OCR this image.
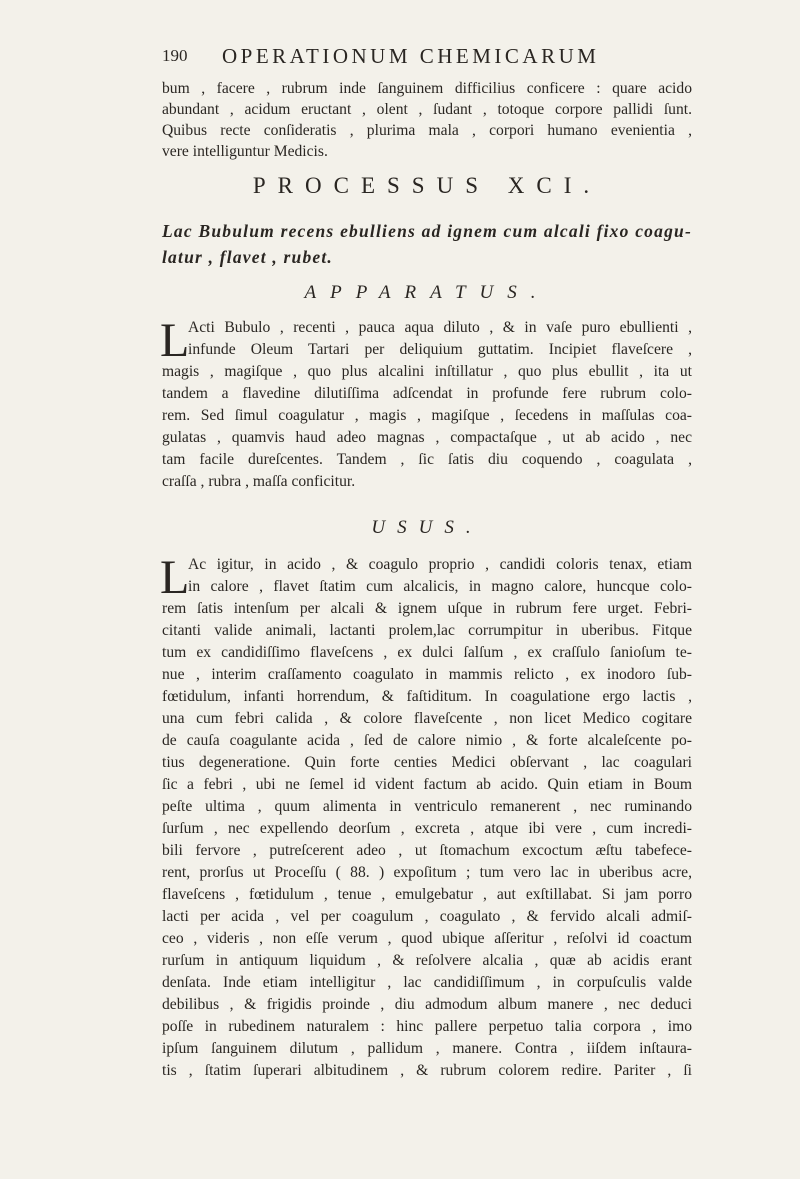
190 OPERATIONUM CHEMICARUM
bum , facere , rubrum inde ſanguinem difficilius conficere : quare acido
abundant , acidum eructant , olent , ſudant , totoque corpore pallidi ſunt.
Quibus recte conſideratis , plurima mala , corpori humano evenientia ,
vere intelliguntur Medicis.
PROCESSUS XCI.
Lac Bubulum recens ebulliens ad ignem cum alcali fixo coagu-
latur , flavet , rubet.
APPARATUS.
L
Acti Bubulo , recenti , pauca aqua diluto , & in vaſe puro ebullienti ,
infunde Oleum Tartari per deliquium guttatim. Incipiet flaveſcere ,
magis , magiſque , quo plus alcalini inſtillatur , quo plus ebullit , ita ut
tandem a flavedine dilutiſſima adſcendat in profunde fere rubrum colo-
rem. Sed ſimul coagulatur , magis , magiſque , ſecedens in maſſulas coa-
gulatas , quamvis haud adeo magnas , compactaſque , ut ab acido , nec
tam facile dureſcentes. Tandem , ſic ſatis diu coquendo , coagulata ,
craſſa , rubra , maſſa conficitur.
USUS.
L
Ac igitur, in acido , & coagulo proprio , candidi coloris tenax, etiam
in calore , flavet ſtatim cum alcalicis, in magno calore, huncque colo-
rem ſatis intenſum per alcali & ignem uſque in rubrum fere urget. Febri-
citanti valide animali, lactanti prolem,lac corrumpitur in uberibus. Fitque
tum ex candidiſſimo flaveſcens , ex dulci ſalſum , ex craſſulo ſanioſum te-
nue , interim craſſamento coagulato in mammis relicto , ex inodoro ſub-
fœtidulum, infanti horrendum, & faſtiditum. In coagulatione ergo lactis ,
una cum febri calida , & colore flaveſcente , non licet Medico cogitare
de cauſa coagulante acida , ſed de calore nimio , & forte alcaleſcente po-
tius degeneratione. Quin forte centies Medici obſervant , lac coagulari
ſic a febri , ubi ne ſemel id vident factum ab acido. Quin etiam in Boum
peſte ultima , quum alimenta in ventriculo remanerent , nec ruminando
ſurſum , nec expellendo deorſum , excreta , atque ibi vere , cum incredi-
bili fervore , putreſcerent adeo , ut ſtomachum excoctum æſtu tabefece-
rent, prorſus ut Proceſſu ( 88. ) expoſitum ; tum vero lac in uberibus acre,
flaveſcens , fœtidulum , tenue , emulgebatur , aut exſtillabat. Si jam porro
lacti per acida , vel per coagulum , coagulato , & fervido alcali admiſ-
ceo , videris , non eſſe verum , quod ubique aſſeritur , reſolvi id coactum
rurſum in antiquum liquidum , & reſolvere alcalia , quæ ab acidis erant
denſata. Inde etiam intelligitur , lac candidiſſimum , in corpuſculis valde
debilibus , & frigidis proinde , diu admodum album manere , nec deduci
poſſe in rubedinem naturalem : hinc pallere perpetuo talia corpora , imo
ipſum ſanguinem dilutum , pallidum , manere. Contra , iiſdem inſtaura-
tis , ſtatim ſuperari albitudinem , & rubrum colorem redire. Pariter , ſi
